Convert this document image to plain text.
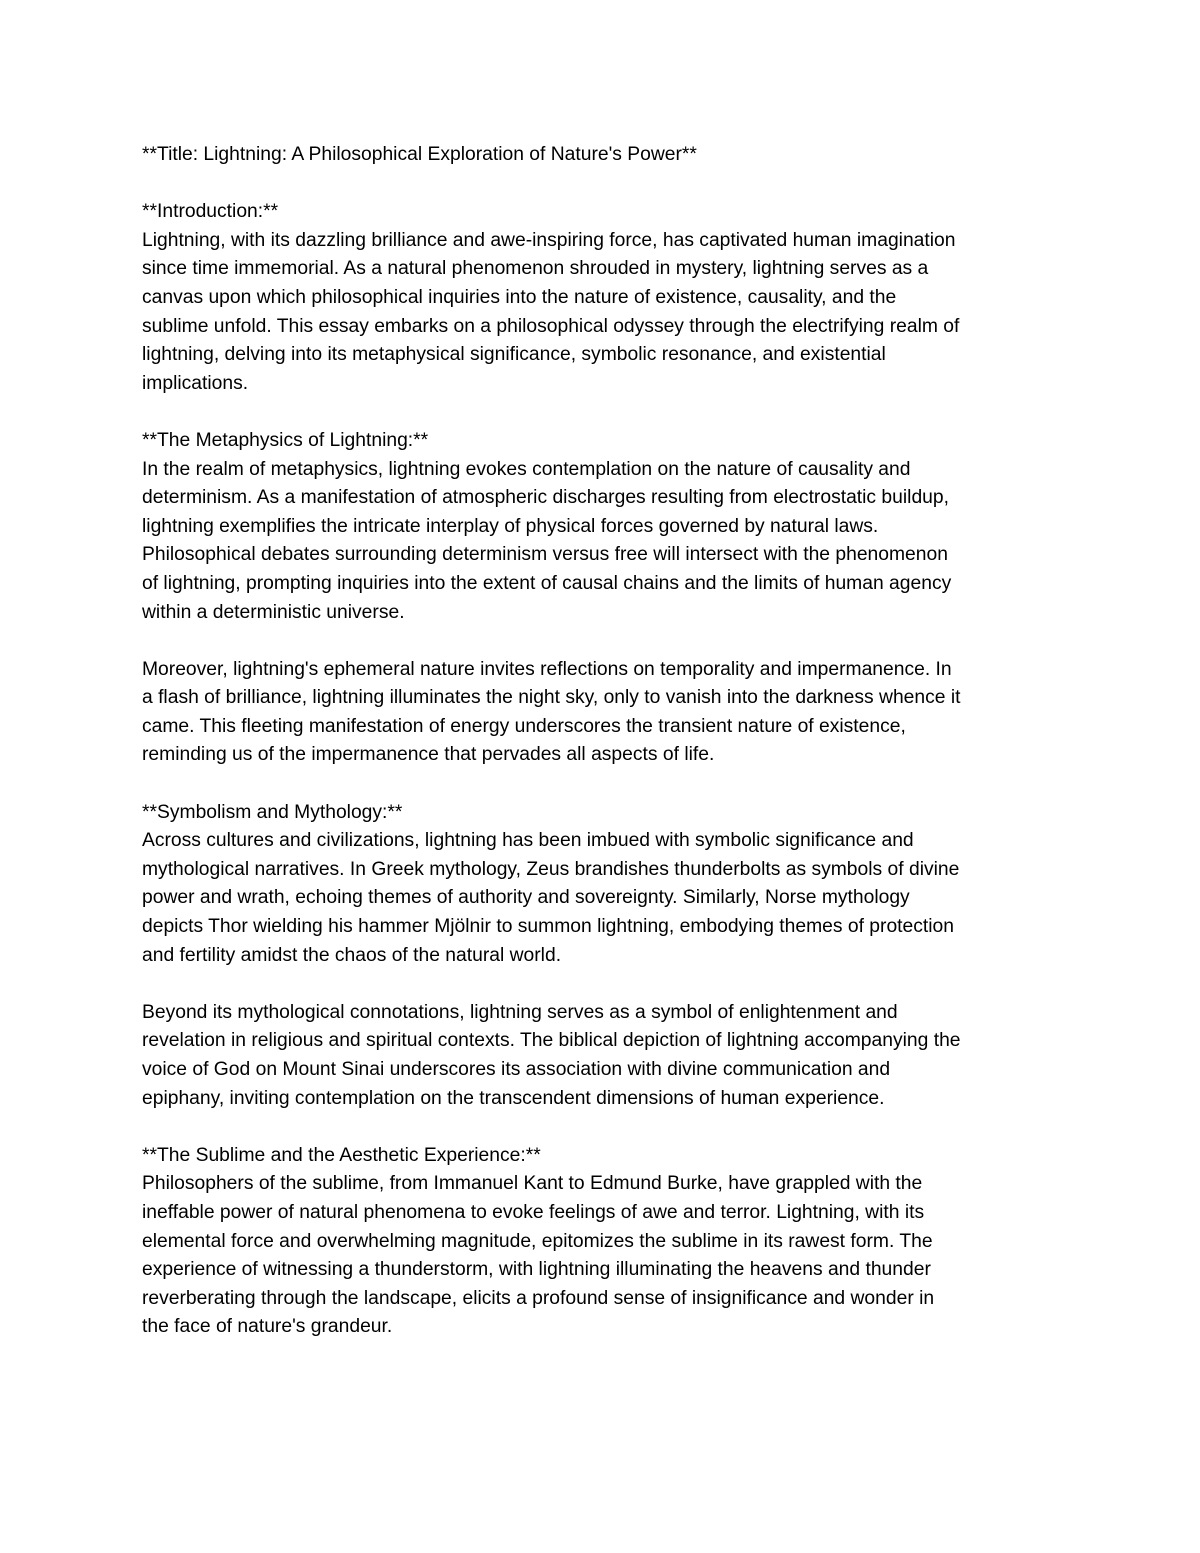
**Title: Lightning: A Philosophical Exploration of Nature's Power**
**Introduction:**
Lightning, with its dazzling brilliance and awe-inspiring force, has captivated human imagination
since time immemorial. As a natural phenomenon shrouded in mystery, lightning serves as a
canvas upon which philosophical inquiries into the nature of existence, causality, and the
sublime unfold. This essay embarks on a philosophical odyssey through the electrifying realm of
lightning, delving into its metaphysical significance, symbolic resonance, and existential
implications.
**The Metaphysics of Lightning:**
In the realm of metaphysics, lightning evokes contemplation on the nature of causality and
determinism. As a manifestation of atmospheric discharges resulting from electrostatic buildup,
lightning exemplifies the intricate interplay of physical forces governed by natural laws.
Philosophical debates surrounding determinism versus free will intersect with the phenomenon
of lightning, prompting inquiries into the extent of causal chains and the limits of human agency
within a deterministic universe.
Moreover, lightning's ephemeral nature invites reflections on temporality and impermanence. In
a flash of brilliance, lightning illuminates the night sky, only to vanish into the darkness whence it
came. This fleeting manifestation of energy underscores the transient nature of existence,
reminding us of the impermanence that pervades all aspects of life.
**Symbolism and Mythology:**
Across cultures and civilizations, lightning has been imbued with symbolic significance and
mythological narratives. In Greek mythology, Zeus brandishes thunderbolts as symbols of divine
power and wrath, echoing themes of authority and sovereignty. Similarly, Norse mythology
depicts Thor wielding his hammer Mjölnir to summon lightning, embodying themes of protection
and fertility amidst the chaos of the natural world.
Beyond its mythological connotations, lightning serves as a symbol of enlightenment and
revelation in religious and spiritual contexts. The biblical depiction of lightning accompanying the
voice of God on Mount Sinai underscores its association with divine communication and
epiphany, inviting contemplation on the transcendent dimensions of human experience.
**The Sublime and the Aesthetic Experience:**
Philosophers of the sublime, from Immanuel Kant to Edmund Burke, have grappled with the
ineffable power of natural phenomena to evoke feelings of awe and terror. Lightning, with its
elemental force and overwhelming magnitude, epitomizes the sublime in its rawest form. The
experience of witnessing a thunderstorm, with lightning illuminating the heavens and thunder
reverberating through the landscape, elicits a profound sense of insignificance and wonder in
the face of nature's grandeur.
